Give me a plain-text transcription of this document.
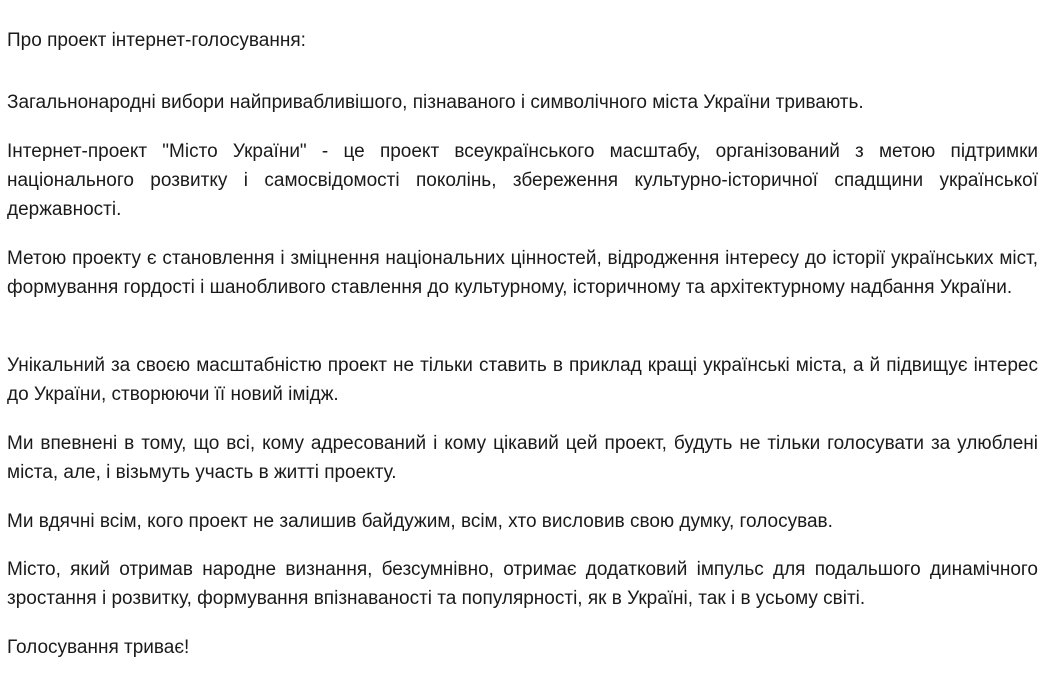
Про проект інтернет-голосування:

Загальнонародні вибори найпривабливішого, пізнаваного і символічного міста України тривають.

Інтернет-проект "Місто України" - це проект всеукраїнського масштабу, організований з метою підтримки національного розвитку і самосвідомості поколінь, збереження культурно-історичної спадщини української державності.

Метою проекту є становлення і зміцнення національних цінностей, відродження інтересу до історії українських міст, формування гордості і шанобливого ставлення до культурному, історичному та архітектурному надбання України.

Унікальний за своєю масштабністю проект не тільки ставить в приклад кращі українські міста, а й підвищує інтерес до України, створюючи її новий імідж.

Ми впевнені в тому, що всі, кому адресований і кому цікавий цей проект, будуть не тільки голосувати за улюблені міста, але, і візьмуть участь в житті проекту.

Ми вдячні всім, кого проект не залишив байдужим, всім, хто висловив свою думку, голосував.

Місто, який отримав народне визнання, безсумнівно, отримає додатковий імпульс для подальшого динамічного зростання і розвитку, формування впізнаваності та популярності, як в Україні, так і в усьому світі.

Голосування триває!
